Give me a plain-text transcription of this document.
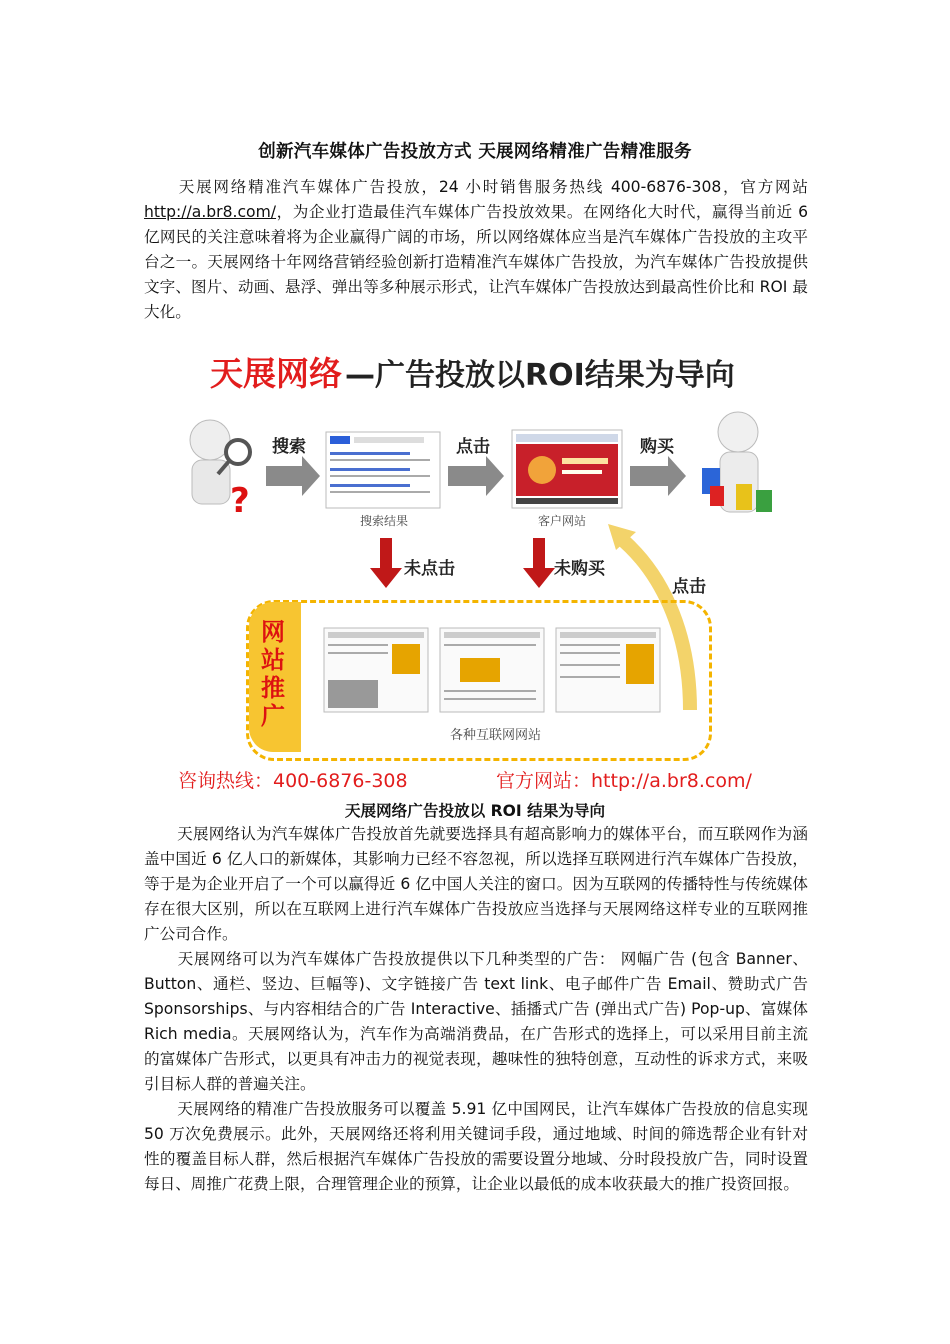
创新汽车媒体广告投放方式 天展网络精准广告精准服务

天展网络精准汽车媒体广告投放，24 小时销售服务热线 400-6876-308，官方网站http://a.br8.com/，为企业打造最佳汽车媒体广告投放效果。在网络化大时代，赢得当前近 6 亿网民的关注意味着将为企业赢得广阔的市场，所以网络媒体应当是汽车媒体广告投放的主攻平台之一。天展网络十年网络营销经验创新打造精准汽车媒体广告投放，为汽车媒体广告投放提供文字、图片、动画、悬浮、弹出等多种展示形式，让汽车媒体广告投放达到最高性价比和 ROI 最大化。

天展网络 —广告投放以ROI结果为导向
?
搜索	点击	购买
搜索结果	客户网站
未点击	未购买
点击
网站推广
各种互联网网站
咨询热线：400-6876-308	官方网站：http://a.br8.com/
天展网络广告投放以 ROI 结果为导向

天展网络认为汽车媒体广告投放首先就要选择具有超高影响力的媒体平台，而互联网作为涵盖中国近 6 亿人口的新媒体，其影响力已经不容忽视，所以选择互联网进行汽车媒体广告投放，等于是为企业开启了一个可以赢得近 6 亿中国人关注的窗口。因为互联网的传播特性与传统媒体存在很大区别，所以在互联网上进行汽车媒体广告投放应当选择与天展网络这样专业的互联网推广公司合作。

天展网络可以为汽车媒体广告投放提供以下几种类型的广告： 网幅广告 (包含 Banner、Button、通栏、竖边、巨幅等)、文字链接广告 text link、电子邮件广告 Email、赞助式广告 Sponsorships、与内容相结合的广告 Interactive、插播式广告 (弹出式广告) Pop-up、富媒体 Rich media。天展网络认为，汽车作为高端消费品，在广告形式的选择上，可以采用目前主流的富媒体广告形式，以更具有冲击力的视觉表现，趣味性的独特创意，互动性的诉求方式，来吸引目标人群的普遍关注。

天展网络的精准广告投放服务可以覆盖 5.91 亿中国网民，让汽车媒体广告投放的信息实现 50 万次免费展示。此外，天展网络还将利用关键词手段，通过地域、时间的筛选帮企业有针对性的覆盖目标人群，然后根据汽车媒体广告投放的需要设置分地域、分时段投放广告，同时设置每日、周推广花费上限，合理管理企业的预算，让企业以最低的成本收获最大的推广投资回报。
